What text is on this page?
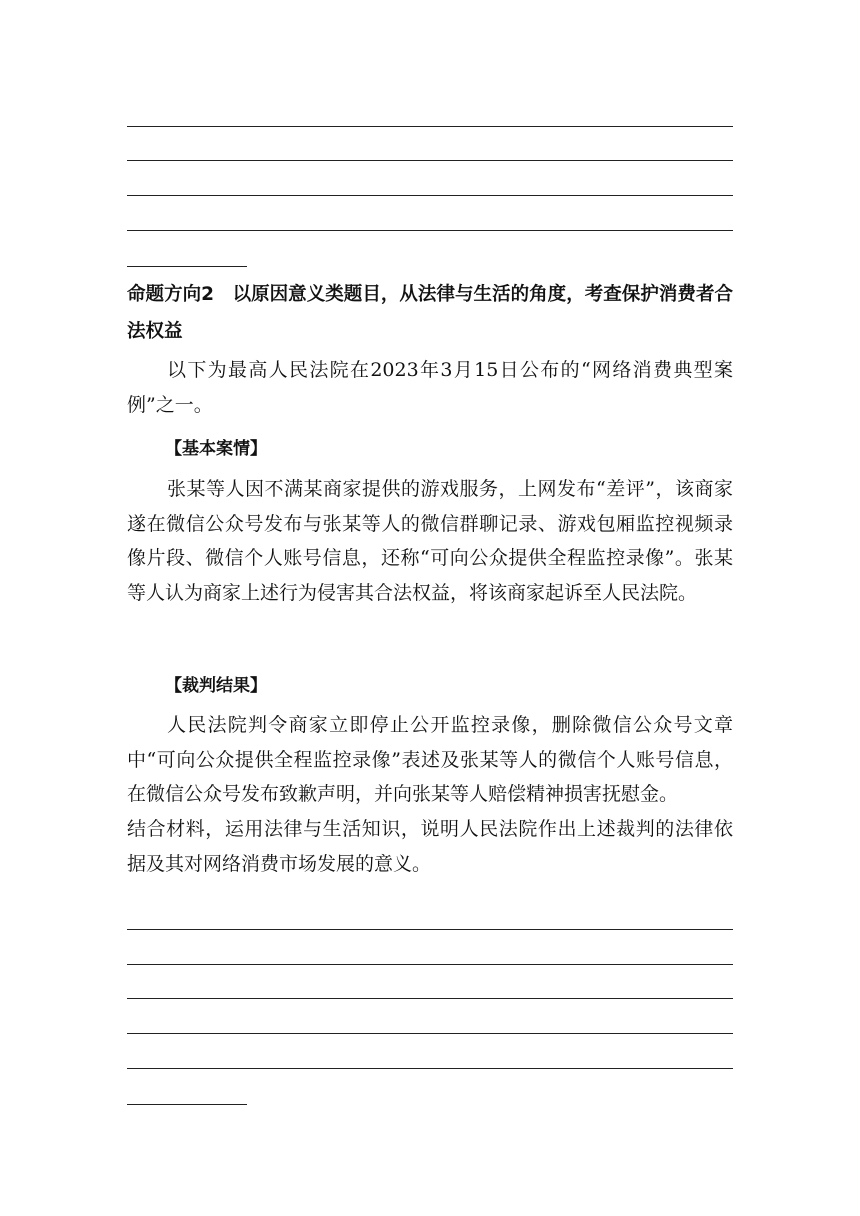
命题方向2　以原因意义类题目，从法律与生活的角度，考查保护消费者合法权益
以下为最高人民法院在2023年3月15日公布的“网络消费典型案例”之一。
【基本案情】
张某等人因不满某商家提供的游戏服务，上网发布“差评”，该商家遂在微信公众号发布与张某等人的微信群聊记录、游戏包厢监控视频录像片段、微信个人账号信息，还称“可向公众提供全程监控录像”。张某等人认为商家上述行为侵害其合法权益，将该商家起诉至人民法院。
【裁判结果】
人民法院判令商家立即停止公开监控录像，删除微信公众号文章中“可向公众提供全程监控录像”表述及张某等人的微信个人账号信息，在微信公众号发布致歉声明，并向张某等人赔偿精神损害抚慰金。
结合材料，运用法律与生活知识，说明人民法院作出上述裁判的法律依据及其对网络消费市场发展的意义。
